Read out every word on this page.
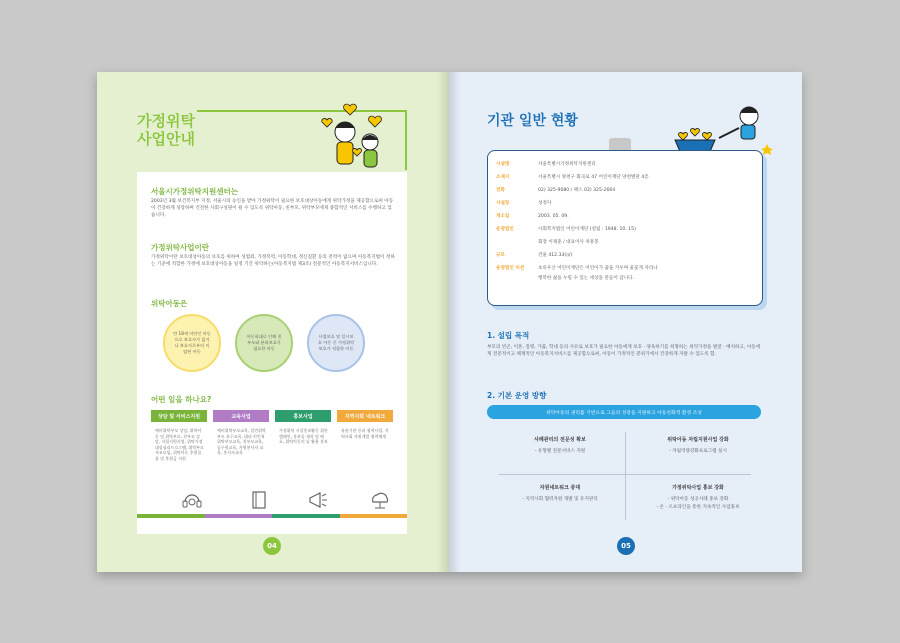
가정위탁
사업안내
서울시가정위탁지원센터는
2003년 3월 보건복지부 지정, 서울시의 승인을 받아 가정위탁이 필요한 보호대상아동에게 위탁가정을 제공함으로써 아동이 건강하게 성장하며 건전한 사회구성원이 될 수 있도록 위탁아동, 친부모, 위탁부모에게 종합적인 서비스를 수행하고 있습니다.
가정위탁사업이란
가정위탁이란 보호대상아동의 보호를 위하여 성범죄, 가정폭력, 아동학대, 정신질환 등의 전력이 없으며 아동복지법이 정하는 기준에 적합한 가정에 보호대상아동을 일정 기간 위탁하는(아동복지법 제3조) 전문적인 아동복지서비스입니다.
위탁아동은
만 18세 미만인 아동으로 보호자가 없거나 보호자로부터 이탈된 아동
아동학대로 인해 친부모와 분리보호가 필요한 아동
사업보호 및 일시보호 아동 중 가정위탁보호가 적합한 아동
어떤 일을 하나요?
상담 및 서비스지원	교육사업	홍보사업	지역사회 네트워크
예비위탁부모 상담, 위탁아동 및 위탁부모, 친부모 상담, 자립지원사업, 위탁가정 대상심리프로그램, 위탁부모자조모임, 위탁아동 후원물품 및 후원금 지원
예비위탁부모교육, 일반위탁부모 보수교육, 대리·친인척위탁부모교육, 친부모교육, 공무원교육, 자원봉사자 교육, 홍사자교육
가정위탁 시설홍보활동 위한 캠페인, 홍보물 제작 및 배포, 위탁아동의 날 활용 홍보
유관기관 등과 협력사업, 지역사회 자원개발 협력체계
04
기관 일반 현황
시설명	서울특별시가정위탁지원센터
소재지	서울특별시 양천구 화곡로 47 어린이재단 양천별관 4층
전화	02) 325-9080 / 팩스 02) 325-2664
시설장	성정자
개소일	2003. 05. 09.
운영법인	사회복지법인 어린이재단 (설립 : 1948. 10. 15)
회장 이제훈 / 대표이사 차흥봉
규모	건물 412.33(㎡)
운영법인 미션	초록우산 어린이재단은 어린이가 꿈을 키우며 울꽃게 자라나
행복한 삶을 누릴 수 있는 세상을 만들어 갑니다.
1. 설립 목적
부모의 빈곤, 이혼, 질병, 가출, 학대 등의 사유로 보호가 필요한 아동에게 보호 · 양육하기를 희망하는 위탁가정을 발굴 · 배치하고, 아동에게 전문적이고 체계적인 아동복지서비스를 제공함으로써, 아동이 가정적인 분위기에서 건강하게 자랄 수 있도록 함.
2. 기본 운영 방향
위탁아동의 권리를 기반으로 그들의 성장을 지원하고 아동친화적 환경 조성
사례관리의 전문성 확보
- 유형별 전문서비스 지원
위탁아동 자립지원사업 강화
- 자립역량강화프로그램 실시
자원네트워크 증대
- 지역사회 협력자원 개발 및 유지관리
가정위탁사업 홍보 강화
- 위탁아동 성공사례 홍보 강화
- 온 · 오프라인을 통한 지속적인 사업홍보
05
